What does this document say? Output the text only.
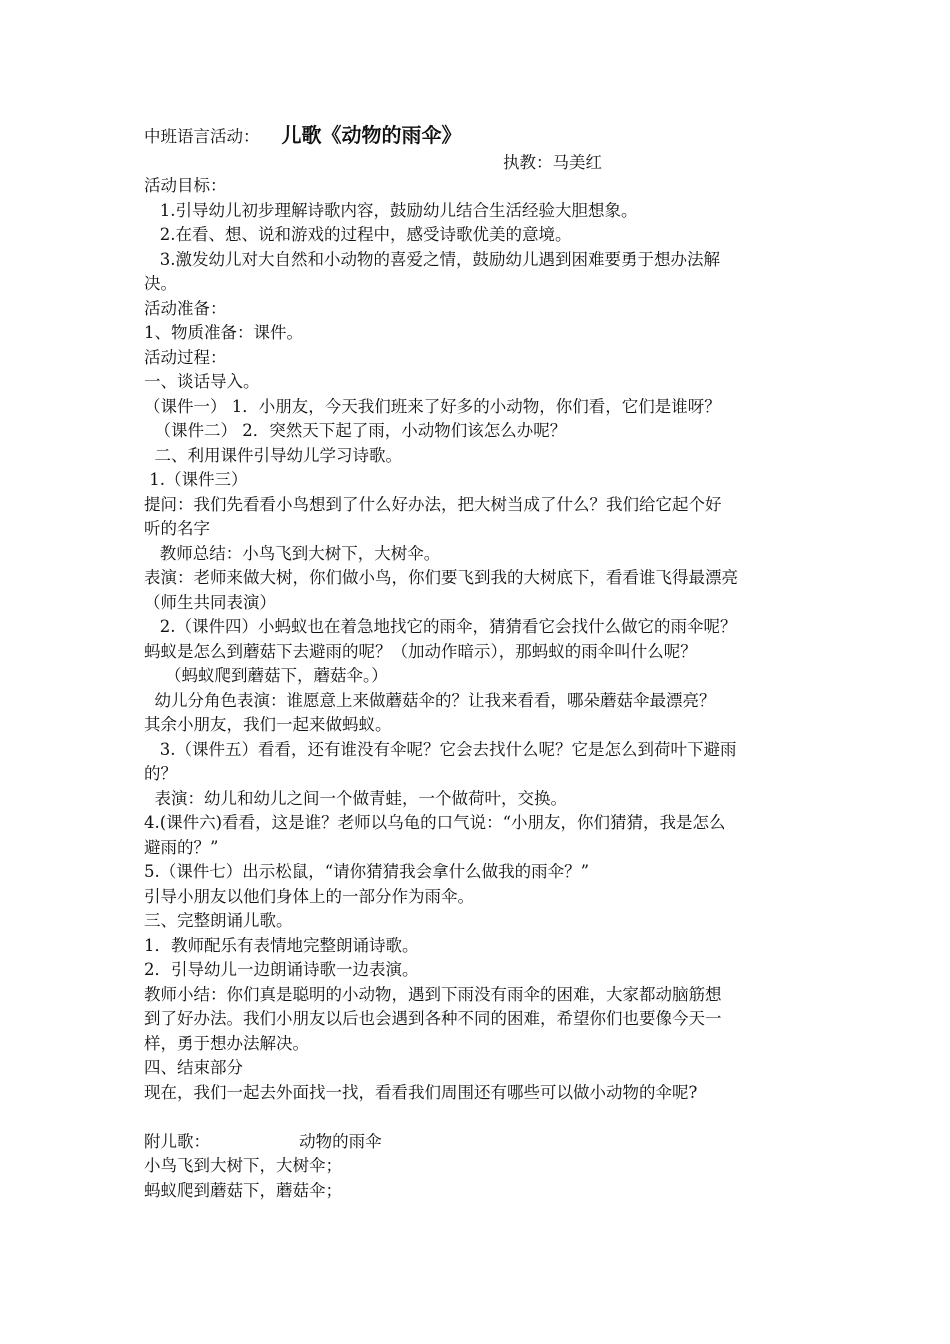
中班语言活动： 儿歌《动物的雨伞》
执教：马美红
活动目标：
1.引导幼儿初步理解诗歌内容，鼓励幼儿结合生活经验大胆想象。
2.在看、想、说和游戏的过程中，感受诗歌优美的意境。
3.激发幼儿对大自然和小动物的喜爱之情，鼓励幼儿遇到困难要勇于想办法解
决。
活动准备：
1、物质准备：课件。
活动过程：
一、谈话导入。
（课件一） 1．小朋友，今天我们班来了好多的小动物，你们看，它们是谁呀？
（课件二） 2．突然天下起了雨，小动物们该怎么办呢？
二、利用课件引导幼儿学习诗歌。
1.（课件三）
提问：我们先看看小鸟想到了什么好办法，把大树当成了什么？我们给它起个好
听的名字
教师总结：小鸟飞到大树下，大树伞。
表演：老师来做大树，你们做小鸟，你们要飞到我的大树底下，看看谁飞得最漂亮
（师生共同表演）
2.（课件四）小蚂蚁也在着急地找它的雨伞，猜猜看它会找什么做它的雨伞呢？
蚂蚁是怎么到蘑菇下去避雨的呢？（加动作暗示），那蚂蚁的雨伞叫什么呢？
（蚂蚁爬到蘑菇下，蘑菇伞。）
幼儿分角色表演：谁愿意上来做蘑菇伞的？让我来看看，哪朵蘑菇伞最漂亮？
其余小朋友，我们一起来做蚂蚁。
3.（课件五）看看，还有谁没有伞呢？它会去找什么呢？它是怎么到荷叶下避雨
的？
表演：幼儿和幼儿之间一个做青蛙，一个做荷叶，交换。
4.(课件六)看看，这是谁？老师以乌龟的口气说：“小朋友，你们猜猜，我是怎么
避雨的？”
5.（课件七）出示松鼠，“请你猜猜我会拿什么做我的雨伞？”
引导小朋友以他们身体上的一部分作为雨伞。
三、完整朗诵儿歌。
1．教师配乐有表情地完整朗诵诗歌。
2．引导幼儿一边朗诵诗歌一边表演。
教师小结：你们真是聪明的小动物，遇到下雨没有雨伞的困难，大家都动脑筋想
到了好办法。我们小朋友以后也会遇到各种不同的困难，希望你们也要像今天一
样，勇于想办法解决。
四、结束部分
现在，我们一起去外面找一找，看看我们周围还有哪些可以做小动物的伞呢?
附儿歌：                 动物的雨伞
小鸟飞到大树下，大树伞；
蚂蚁爬到蘑菇下，蘑菇伞；
